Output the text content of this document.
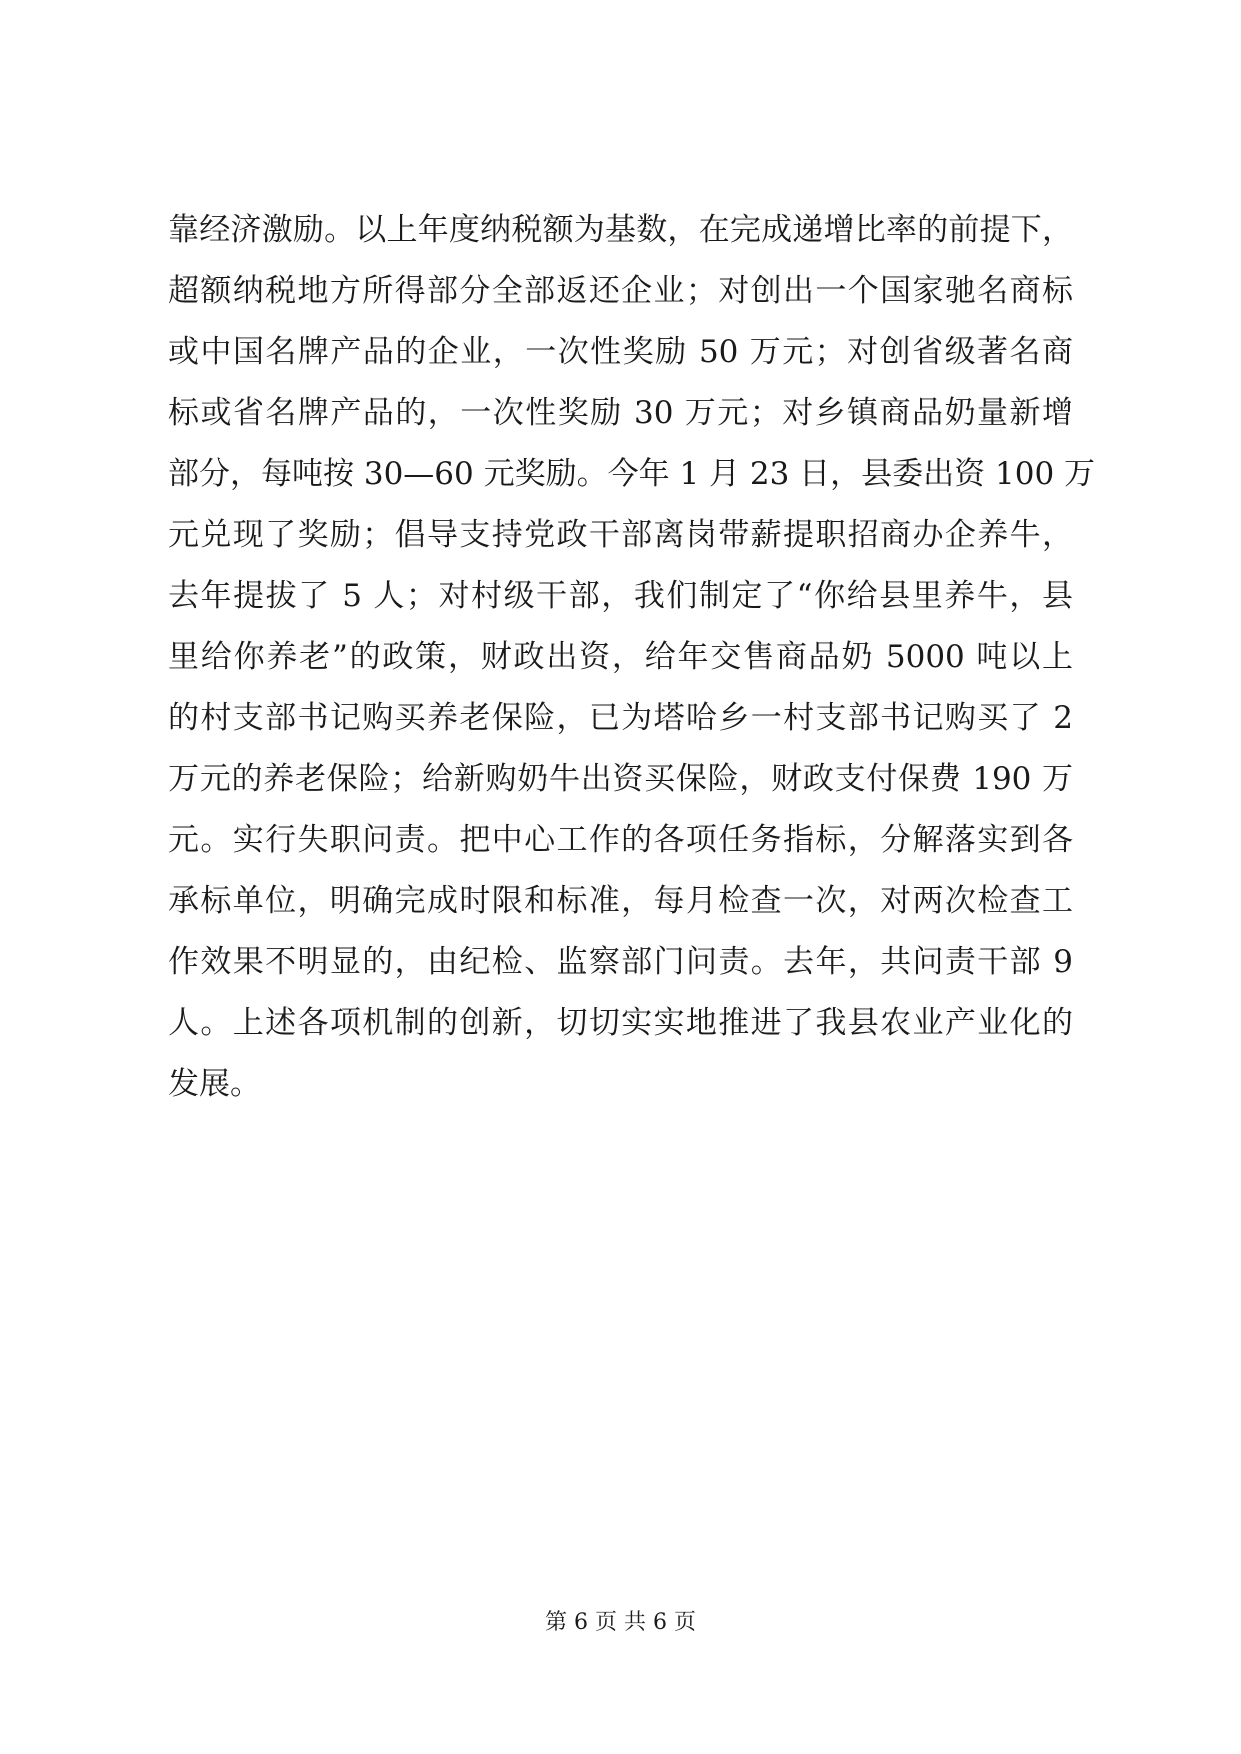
靠经济激励。以上年度纳税额为基数，在完成递增比率的前提下，
超额纳税地方所得部分全部返还企业；对创出一个国家驰名商标
或中国名牌产品的企业，一次性奖励 50 万元；对创省级著名商
标或省名牌产品的，一次性奖励 30 万元；对乡镇商品奶量新增
部分，每吨按 30—60 元奖励。今年 1 月 23 日，县委出资 100 万
元兑现了奖励；倡导支持党政干部离岗带薪提职招商办企养牛，
去年提拔了 5 人；对村级干部，我们制定了“你给县里养牛，县
里给你养老”的政策，财政出资，给年交售商品奶 5000 吨以上
的村支部书记购买养老保险，已为塔哈乡一村支部书记购买了 2
万元的养老保险；给新购奶牛出资买保险，财政支付保费 190 万
元。实行失职问责。把中心工作的各项任务指标，分解落实到各
承标单位，明确完成时限和标准，每月检查一次，对两次检查工
作效果不明显的，由纪检、监察部门问责。去年，共问责干部 9
人。上述各项机制的创新，切切实实地推进了我县农业产业化的
发展。
第 6 页 共 6 页
